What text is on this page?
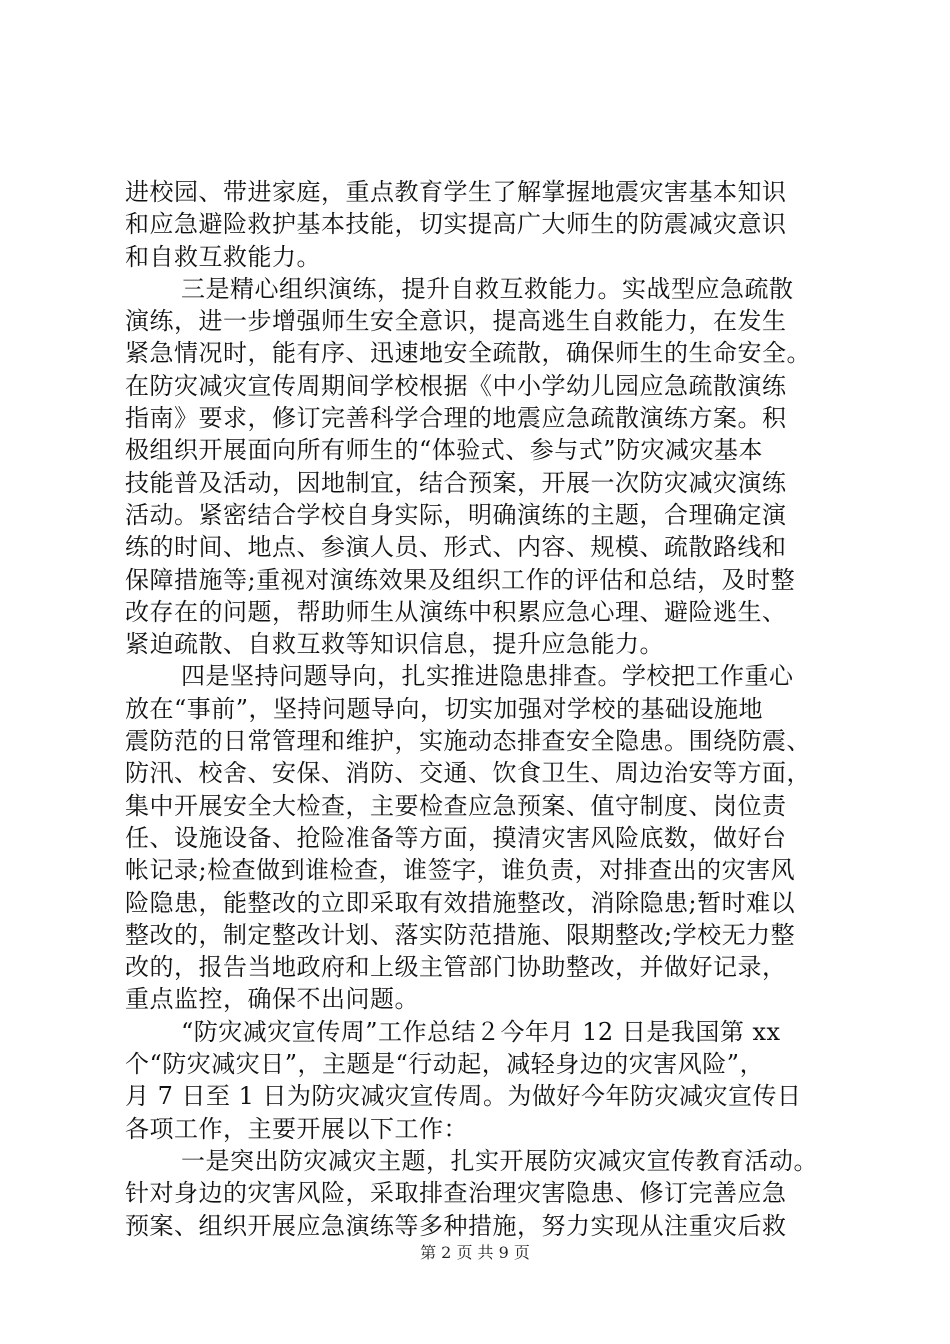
进校园、带进家庭，重点教育学生了解掌握地震灾害基本知识
和应急避险救护基本技能，切实提高广大师生的防震减灾意识
和自救互救能力。
三是精心组织演练，提升自救互救能力。实战型应急疏散
演练，进一步增强师生安全意识，提高逃生自救能力，在发生
紧急情况时，能有序、迅速地安全疏散，确保师生的生命安全。
在防灾减灾宣传周期间学校根据《中小学幼儿园应急疏散演练
指南》要求，修订完善科学合理的地震应急疏散演练方案。积
极组织开展面向所有师生的“体验式、参与式”防灾减灾基本
技能普及活动，因地制宜，结合预案，开展一次防灾减灾演练
活动。紧密结合学校自身实际，明确演练的主题，合理确定演
练的时间、地点、参演人员、形式、内容、规模、疏散路线和
保障措施等;重视对演练效果及组织工作的评估和总结，及时整
改存在的问题，帮助师生从演练中积累应急心理、避险逃生、
紧迫疏散、自救互救等知识信息，提升应急能力。
四是坚持问题导向，扎实推进隐患排查。学校把工作重心
放在“事前”，坚持问题导向，切实加强对学校的基础设施地
震防范的日常管理和维护，实施动态排查安全隐患。围绕防震、
防汛、校舍、安保、消防、交通、饮食卫生、周边治安等方面，
集中开展安全大检查，主要检查应急预案、值守制度、岗位责
任、设施设备、抢险准备等方面，摸清灾害风险底数，做好台
帐记录;检查做到谁检查，谁签字，谁负责，对排查出的灾害风
险隐患，能整改的立即采取有效措施整改，消除隐患;暂时难以
整改的，制定整改计划、落实防范措施、限期整改;学校无力整
改的，报告当地政府和上级主管部门协助整改，并做好记录，
重点监控，确保不出问题。
“防灾减灾宣传周”工作总结２今年月 12 日是我国第 xx
个“防灾减灾日”，主题是“行动起，减轻身边的灾害风险”，
月 7 日至 1 日为防灾减灾宣传周。为做好今年防灾减灾宣传日
各项工作，主要开展以下工作：
一是突出防灾减灾主题，扎实开展防灾减灾宣传教育活动。
针对身边的灾害风险，采取排查治理灾害隐患、修订完善应急
预案、组织开展应急演练等多种措施，努力实现从注重灾后救
第 2 页 共 9 页
